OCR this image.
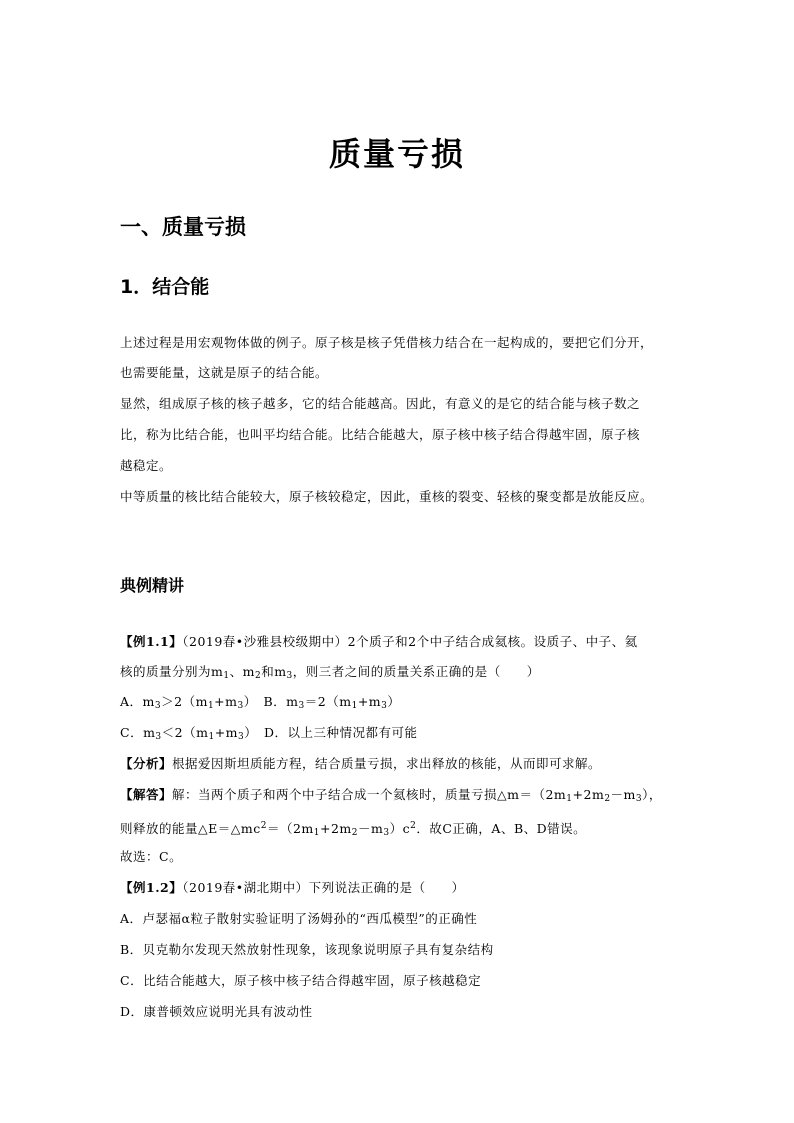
质量亏损
一、质量亏损
1．结合能
上述过程是用宏观物体做的例子。原子核是核子凭借核力结合在一起构成的，要把它们分开，
也需要能量，这就是原子的结合能。
显然，组成原子核的核子越多，它的结合能越高。因此，有意义的是它的结合能与核子数之
比，称为比结合能，也叫平均结合能。比结合能越大，原子核中核子结合得越牢固，原子核
越稳定。
中等质量的核比结合能较大，原子核较稳定，因此，重核的裂变、轻核的聚变都是放能反应。
典例精讲
【例1.1】（2019春•沙雅县校级期中）2个质子和2个中子结合成氦核。设质子、中子、氦
核的质量分别为$m_1$、$m_2$和$m_3$，则三者之间的质量关系正确的是（　　）
A．$m_3>2(m_1+m_3)$　B．$m_3=2(m_1+m_3)$
C．$m_3<2(m_1+m_3)$　D．以上三种情况都有可能
【分析】根据爱因斯坦质能方程，结合质量亏损，求出释放的核能，从而即可求解。
【解答】解：当两个质子和两个中子结合成一个氦核时，质量亏损$\triangle m=(2m_1+2m_2-m_3)$，
则释放的能量$\triangle E=\triangle mc^2=(2m_1+2m_2-m_3)c^2$．故C正确，A、B、D错误。
故选：C。
【例1.2】（2019春•湖北期中）下列说法正确的是（　　）
A．卢瑟福α粒子散射实验证明了汤姆孙的“西瓜模型”的正确性
B．贝克勒尔发现天然放射性现象，该现象说明原子具有复杂结构
C．比结合能越大，原子核中核子结合得越牢固，原子核越稳定
D．康普顿效应说明光具有波动性
